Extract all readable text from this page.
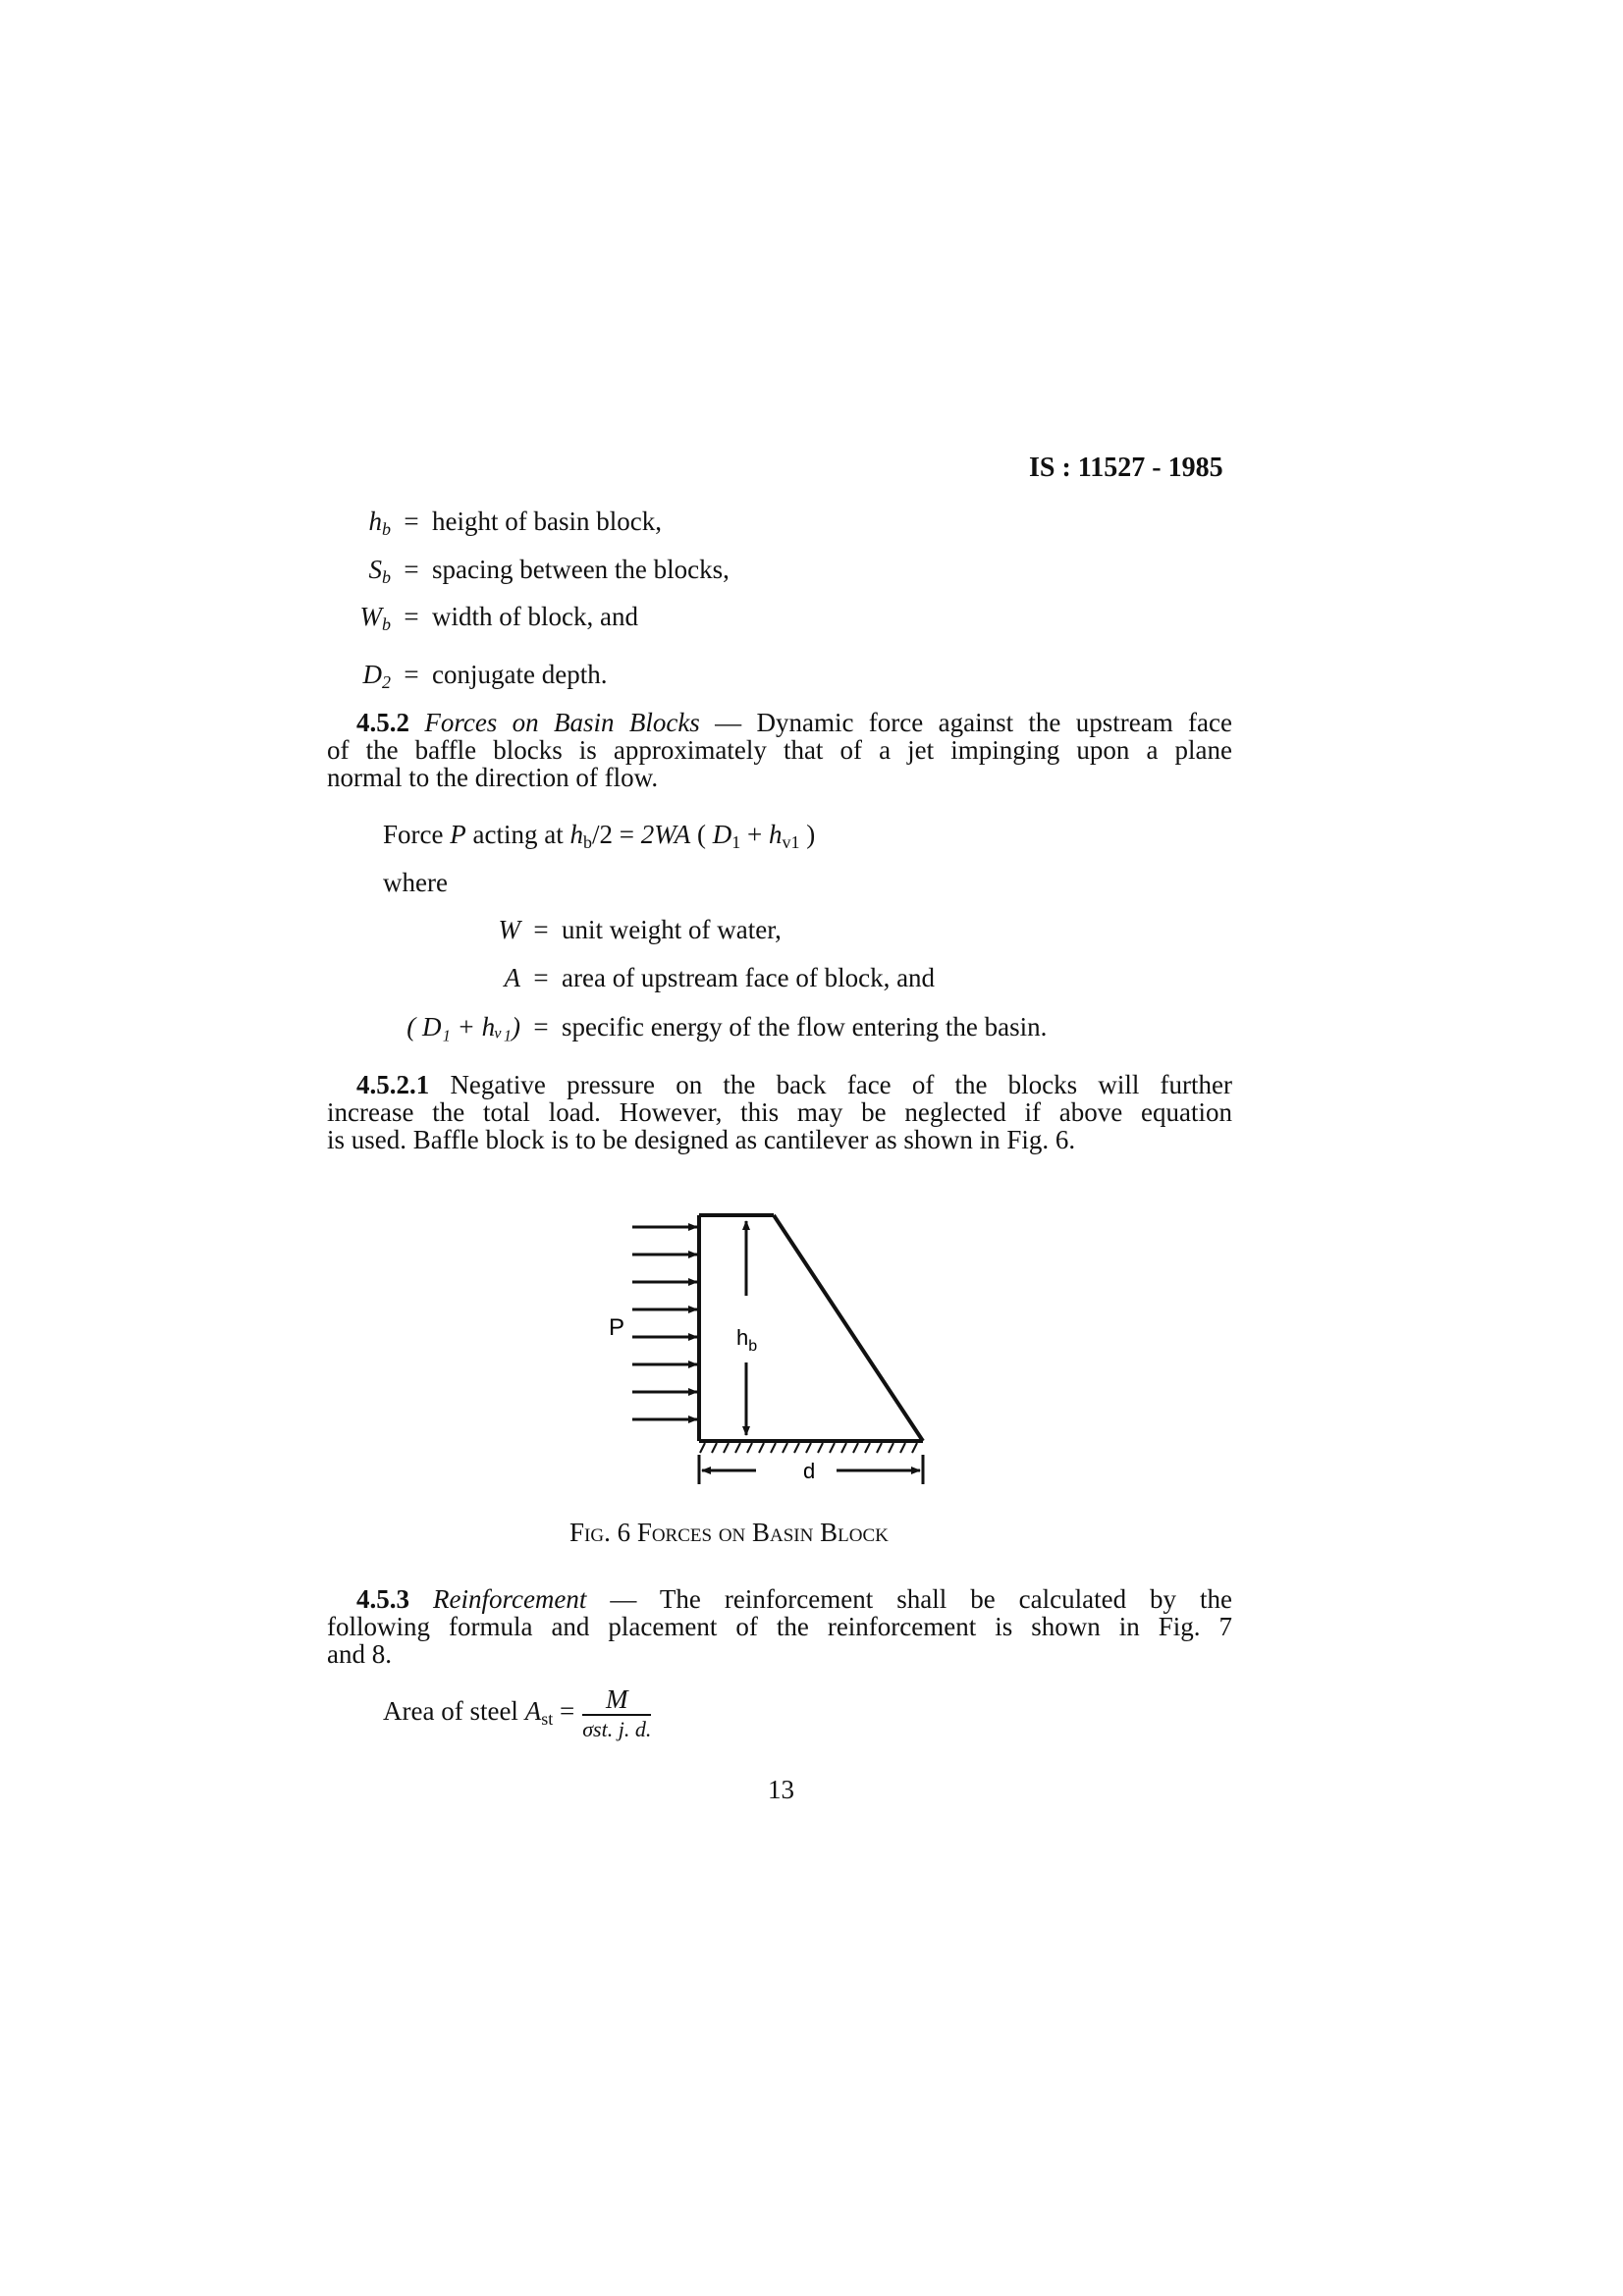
IS : 11527 - 1985
$h_b$ = height of basin block,
$S_b$ = spacing between the blocks,
$W_b$ = width of block, and
$D_2$ = conjugate depth.
4.5.2 Forces on Basin Blocks — Dynamic force against the upstream face
of the baffle blocks is approximately that of a jet impinging upon a plane
normal to the direction of flow.
Force P acting at $h_b/2 = 2WA$ ( $D_1 + h_{v1}$ )
where
W = unit weight of water,
A = area of upstream face of block, and
( D₁ + hᵥ₁) = specific energy of the flow entering the basin.
4.5.2.1 Negative pressure on the back face of the blocks will further
increase the total load. However, this may be neglected if above equation
is used. Baffle block is to be designed as cantilever as shown in Fig. 6.
P	$h_b$
d
Fig. 6 Forces on Basin Block
4.5.3 Reinforcement — The reinforcement shall be calculated by the
following formula and placement of the reinforcement is shown in Fig. 7
and 8.
Area of steel $A_{st} = \frac{M}{\text{σst. j. d.}}$
13
